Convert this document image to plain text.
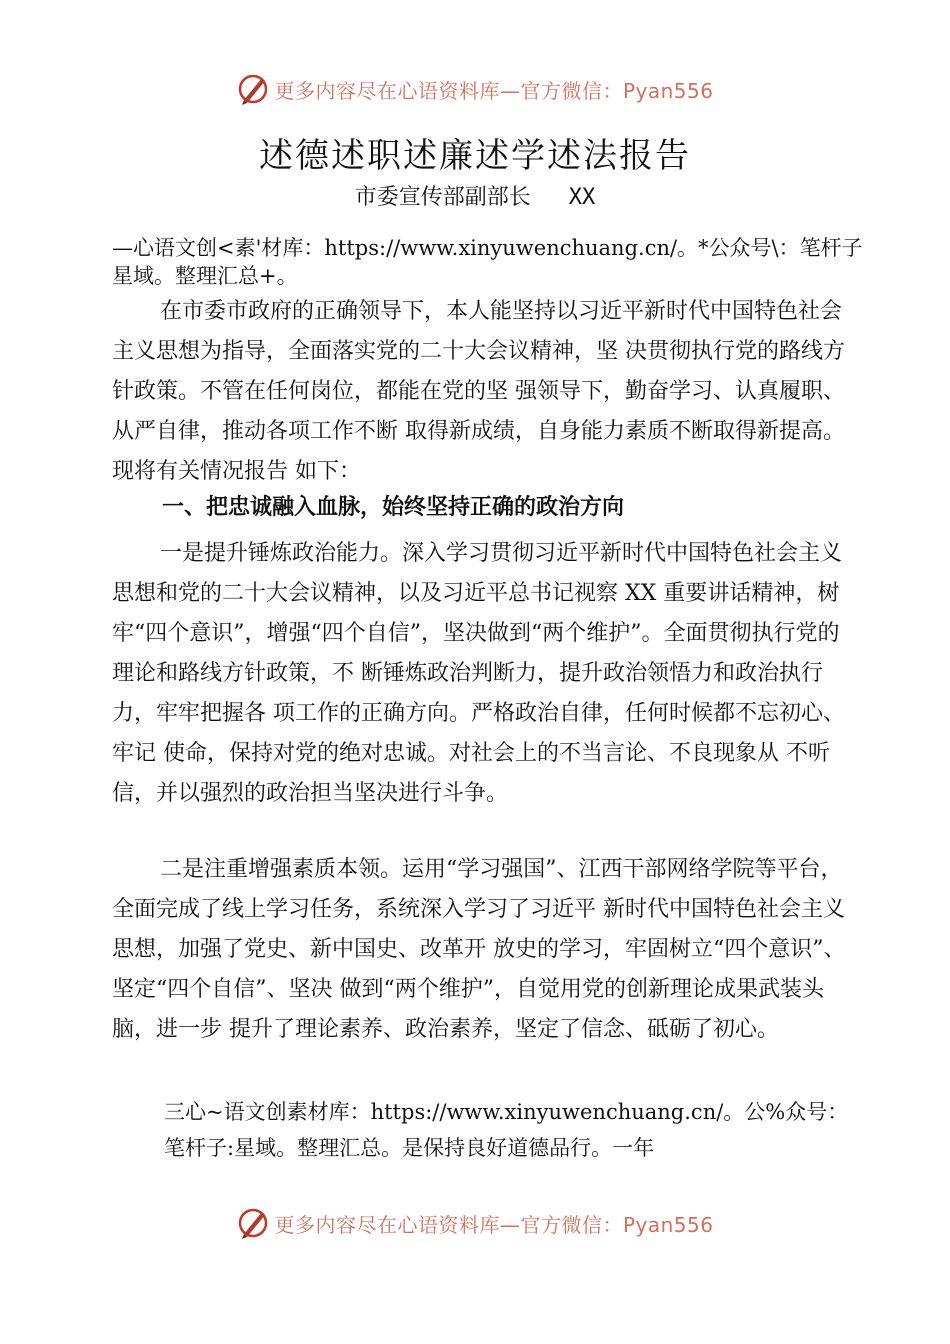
更多内容尽在心语资料库—官方微信：Pyan556
述德述职述廉述学述法报告
市委宣传部副部长 XX

—心语文创<素'材库：https://www.xinyuwenchuang.cn/。*公众号\：笔杆子星域。整理汇总+。

在市委市政府的正确领导下，本人能坚持以习近平新时代中国特色社会主义思想为指导，全面落实党的二十大会议精神，坚 决贯彻执行党的路线方针政策。不管在任何岗位，都能在党的坚 强领导下，勤奋学习、认真履职、从严自律，推动各项工作不断 取得新成绩，自身能力素质不断取得新提高。现将有关情况报告 如下：

一、把忠诚融入血脉，始终坚持正确的政治方向

一是提升锤炼政治能力。深入学习贯彻习近平新时代中国特色社会主义思想和党的二十大会议精神，以及习近平总书记视察 XX 重要讲话精神，树牢“四个意识”，增强“四个自信”，坚决做到“两个维护”。全面贯彻执行党的理论和路线方针政策，不 断锤炼政治判断力，提升政治领悟力和政治执行力，牢牢把握各 项工作的正确方向。严格政治自律，任何时候都不忘初心、牢记 使命，保持对党的绝对忠诚。对社会上的不当言论、不良现象从 不听信，并以强烈的政治担当坚决进行斗争。

二是注重增强素质本领。运用“学习强国”、江西干部网络学院等平台，全面完成了线上学习任务，系统深入学习了习近平 新时代中国特色社会主义思想，加强了党史、新中国史、改革开 放史的学习，牢固树立“四个意识”、坚定“四个自信”、坚决 做到“两个维护”，自觉用党的创新理论成果武装头脑，进一步 提升了理论素养、政治素养，坚定了信念、砥砺了初心。

三心~语文创素材库：https://www.xinyuwenchuang.cn/。公%众号：笔杆子:星域。整理汇总。是保持良好道德品行。一年

更多内容尽在心语资料库—官方微信：Pyan556
